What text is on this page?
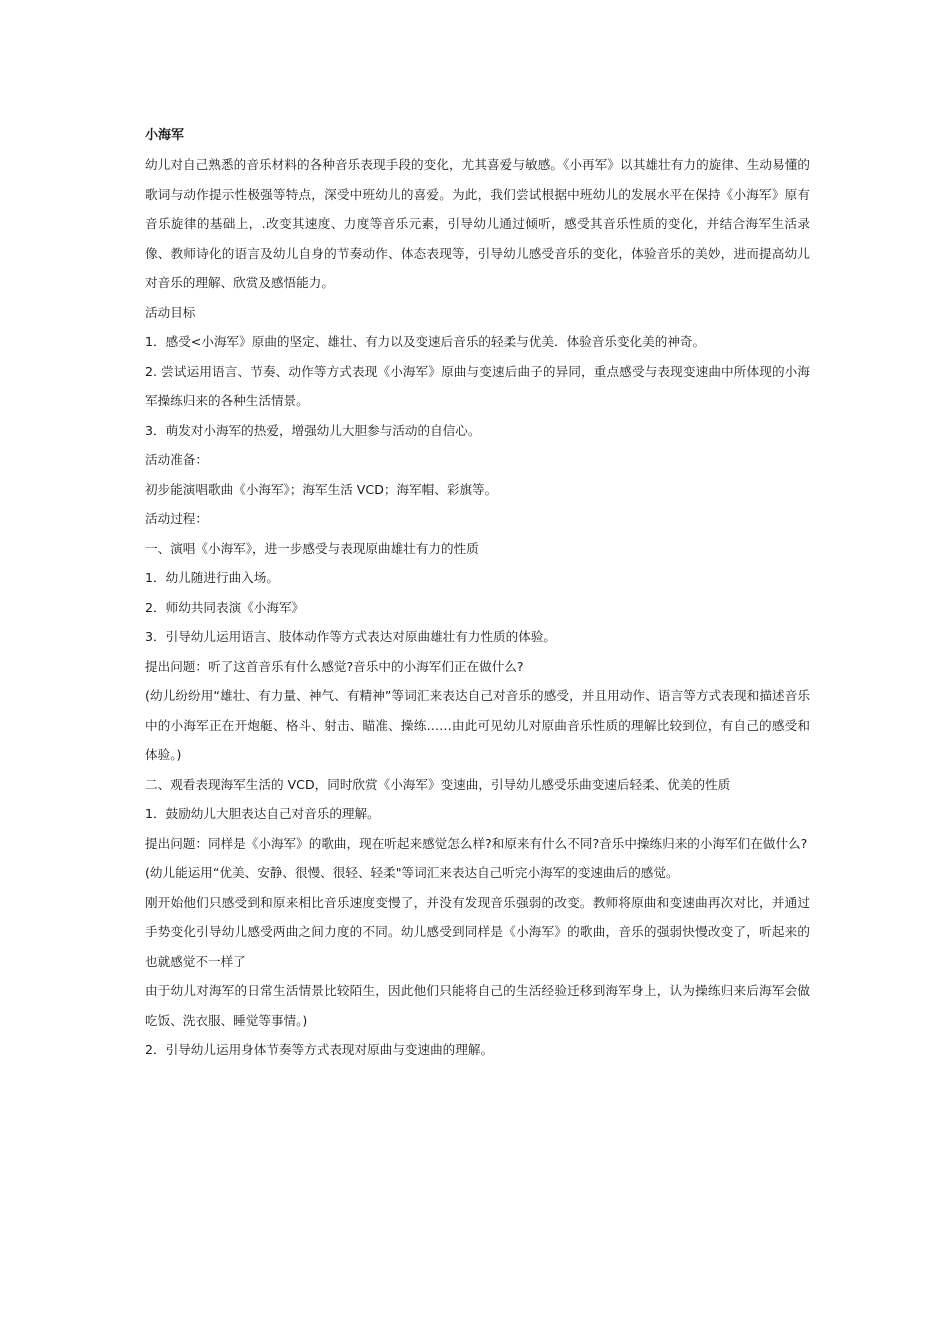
小海军

幼儿对自己熟悉的音乐材料的各种音乐表现手段的变化，尤其喜爱与敏感。《小再军》以其雄壮有力的旋律、生动易懂的歌词与动作提示性极强等特点，深受中班幼儿的喜爱。为此，我们尝试根据中班幼儿的发展水平在保持《小海军》原有音乐旋律的基础上，.改变其速度、力度等音乐元素，引导幼儿通过倾听，感受其音乐性质的变化，并结合海军生活录像、教师诗化的语言及幼儿自身的节奏动作、体态表现等，引导幼儿感受音乐的变化，体验音乐的美妙，进而提高幼儿对音乐的理解、欣赏及感悟能力。

活动目标

1．感受<小海军》原曲的坚定、雄壮、有力以及变速后音乐的轻柔与优美．体验音乐变化美的神奇。

2. 尝试运用语言、节奏、动作等方式表现《小海军》原曲与变速后曲子的异同，重点感受与表现变速曲中所体现的小海军操练归来的各种生活情景。

3．萌发对小海军的热爱，增强幼儿大胆参与活动的自信心。

活动准备：

初步能演唱歌曲《小海军》；海军生活 VCD；海军帽、彩旗等。

活动过程：

一、演唱《小海军》，进一步感受与表现原曲雄壮有力的性质

1．幼儿随进行曲入场。

2．师幼共同表演《小海军》

3．引导幼儿运用语言、肢体动作等方式表达对原曲雄壮有力性质的体验。

提出问题：听了这首音乐有什么感觉?音乐中的小海军们正在做什么?

(幼儿纷纷用“雄壮、有力量、神气、有精神”等词汇来表达自己对音乐的感受，并且用动作、语言等方式表现和描述音乐中的小海军正在开炮艇、格斗、射击、瞄准、操练……由此可见幼儿对原曲音乐性质的理解比较到位，有自己的感受和体验。)

二、观看表现海军生活的 VCD，同时欣赏《小海军》变速曲，引导幼儿感受乐曲变速后轻柔、优美的性质

1．鼓励幼儿大胆表达自己对音乐的理解。

提出问题：同样是《小海军》的歌曲，现在听起来感觉怎么样?和原来有什么不同?音乐中操练归来的小海军们在做什么?

(幼儿能运用“优美、安静、很慢、很轻、轻柔"等词汇来表达自己听完小海军的变速曲后的感觉。

刚开始他们只感受到和原来相比音乐速度变慢了，并没有发现音乐强弱的改变。教师将原曲和变速曲再次对比，并通过手势变化引导幼儿感受两曲之间力度的不同。幼儿感受到同样是《小海军》的歌曲，音乐的强弱快慢改变了，听起来的也就感觉不一样了

由于幼儿对海军的日常生活情景比较陌生，因此他们只能将自己的生活经验迁移到海军身上，认为操练归来后海军会做吃饭、洗衣服、睡觉等事情。)

2．引导幼儿运用身体节奏等方式表现对原曲与变速曲的理解。
